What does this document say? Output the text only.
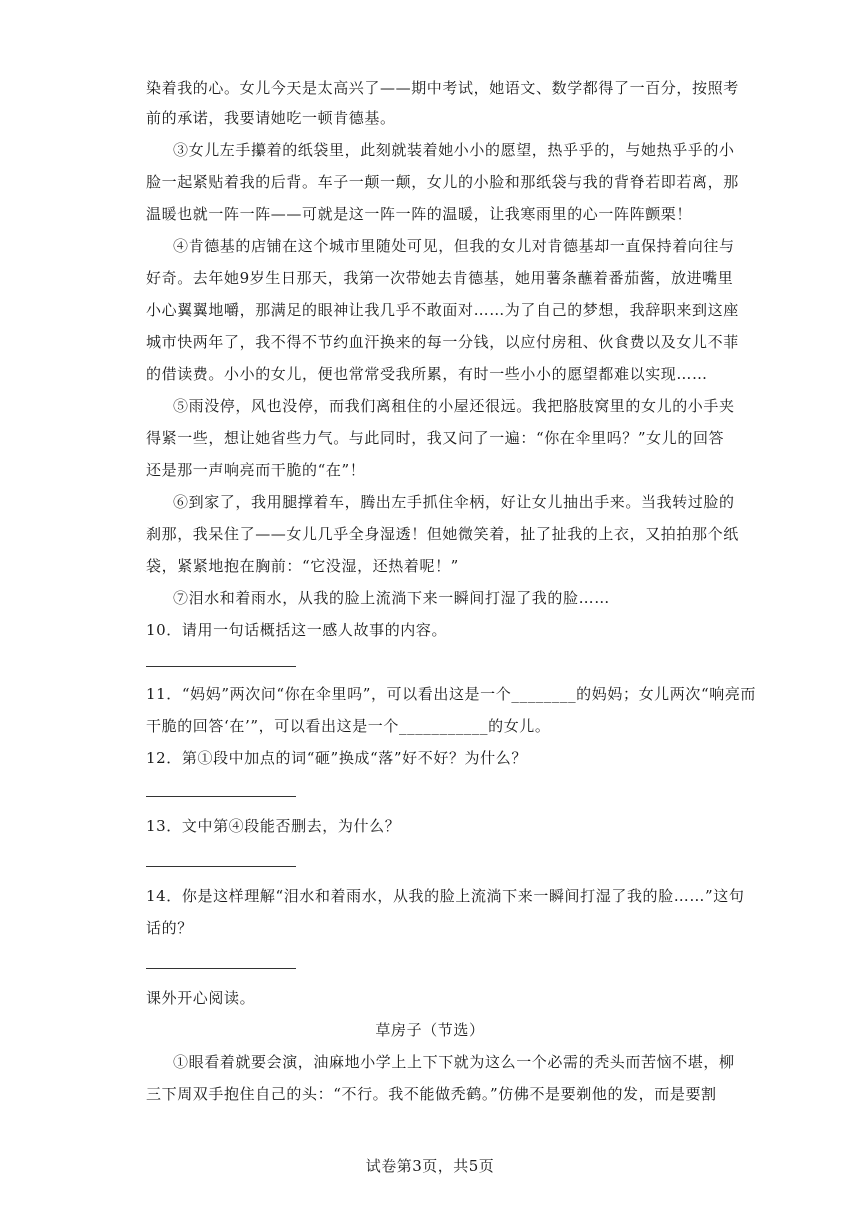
染着我的心。女儿今天是太高兴了——期中考试，她语文、数学都得了一百分，按照考
前的承诺，我要请她吃一顿肯德基。
③女儿左手攥着的纸袋里，此刻就装着她小小的愿望，热乎乎的，与她热乎乎的小
脸一起紧贴着我的后背。车子一颠一颠，女儿的小脸和那纸袋与我的背脊若即若离，那
温暖也就一阵一阵——可就是这一阵一阵的温暖，让我寒雨里的心一阵阵颤栗！
④肯德基的店铺在这个城市里随处可见，但我的女儿对肯德基却一直保持着向往与
好奇。去年她9岁生日那天，我第一次带她去肯德基，她用薯条蘸着番茄酱，放进嘴里
小心翼翼地嚼，那满足的眼神让我几乎不敢面对……为了自己的梦想，我辞职来到这座
城市快两年了，我不得不节约血汗换来的每一分钱，以应付房租、伙食费以及女儿不菲
的借读费。小小的女儿，便也常常受我所累，有时一些小小的愿望都难以实现……
⑤雨没停，风也没停，而我们离租住的小屋还很远。我把胳肢窝里的女儿的小手夹
得紧一些，想让她省些力气。与此同时，我又问了一遍：“你在伞里吗？”女儿的回答
还是那一声响亮而干脆的“在”！
⑥到家了，我用腿撑着车，腾出左手抓住伞柄，好让女儿抽出手来。当我转过脸的
刹那，我呆住了——女儿几乎全身湿透！但她微笑着，扯了扯我的上衣，又拍拍那个纸
袋，紧紧地抱在胸前：“它没湿，还热着呢！”
⑦泪水和着雨水，从我的脸上流淌下来一瞬间打湿了我的脸……
10．请用一句话概括这一感人故事的内容。
11．“妈妈”两次问“你在伞里吗”，可以看出这是一个________的妈妈；女儿两次“响亮而
干脆的回答‘在’”，可以看出这是一个___________的女儿。
12．第①段中加点的词“砸”换成“落”好不好？为什么？
13．文中第④段能否删去，为什么？
14．你是这样理解“泪水和着雨水，从我的脸上流淌下来一瞬间打湿了我的脸……”这句
话的？
课外开心阅读。
草房子（节选）
①眼看着就要会演，油麻地小学上上下下就为这么一个必需的秃头而苦恼不堪，柳
三下周双手抱住自己的头：“不行。我不能做秃鹤。”仿佛不是要剃他的发，而是要割
试卷第3页，共5页
